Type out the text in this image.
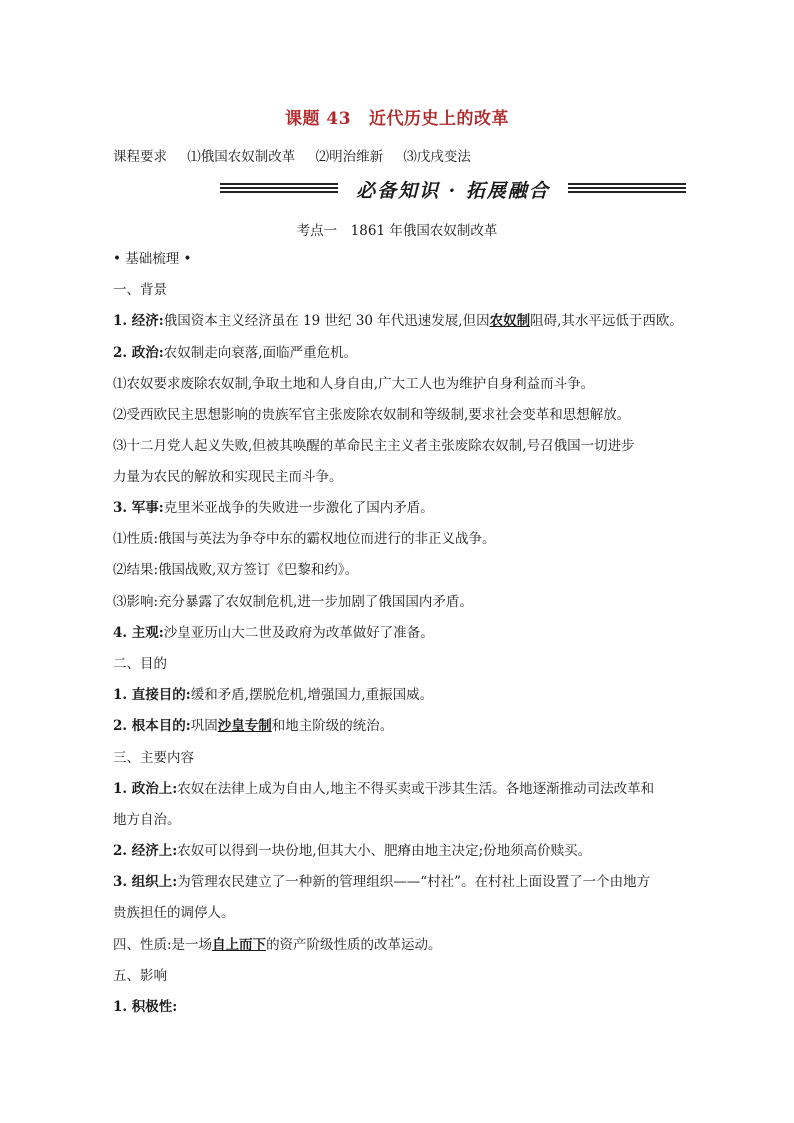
课题 43 近代历史上的改革
课程要求 ⑴俄国农奴制改革 ⑵明治维新 ⑶戊戌变法
必备知识 · 拓展融合
考点一　1861 年俄国农奴制改革
• 基础梳理 •
一、背景
1. 经济:俄国资本主义经济虽在 19 世纪 30 年代迅速发展,但因农奴制阻碍,其水平远低于西欧。
2. 政治:农奴制走向衰落,面临严重危机。
⑴农奴要求废除农奴制,争取土地和人身自由,广大工人也为维护自身利益而斗争。
⑵受西欧民主思想影响的贵族军官主张废除农奴制和等级制,要求社会变革和思想解放。
⑶十二月党人起义失败,但被其唤醒的革命民主主义者主张废除农奴制,号召俄国一切进步
力量为农民的解放和实现民主而斗争。
3. 军事:克里米亚战争的失败进一步激化了国内矛盾。
⑴性质:俄国与英法为争夺中东的霸权地位而进行的非正义战争。
⑵结果:俄国战败,双方签订《巴黎和约》。
⑶影响:充分暴露了农奴制危机,进一步加剧了俄国国内矛盾。
4. 主观:沙皇亚历山大二世及政府为改革做好了准备。
二、目的
1. 直接目的:缓和矛盾,摆脱危机,增强国力,重振国威。
2. 根本目的:巩固沙皇专制和地主阶级的统治。
三、主要内容
1. 政治上:农奴在法律上成为自由人,地主不得买卖或干涉其生活。各地逐渐推动司法改革和
地方自治。
2. 经济上:农奴可以得到一块份地,但其大小、肥瘠由地主决定;份地须高价赎买。
3. 组织上:为管理农民建立了一种新的管理组织——“村社”。在村社上面设置了一个由地方
贵族担任的调停人。
四、性质:是一场自上而下的资产阶级性质的改革运动。
五、影响
1. 积极性:
